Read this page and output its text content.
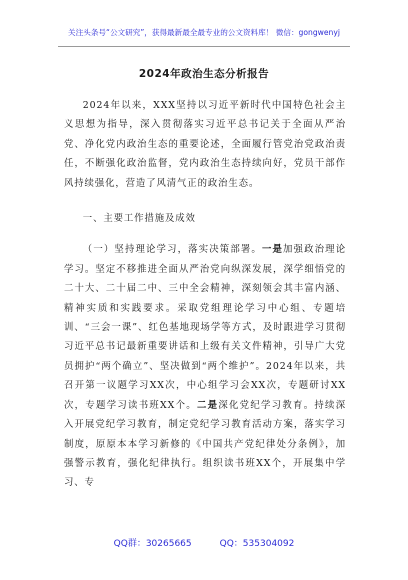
关注头条号“公文研究”，获得最新最全最专业的公文资料库！ 微信：gongwenyj
2024年政治生态分析报告

2024年以来，XXX坚持以习近平新时代中国特色社会主义思想为指导，深入贯彻落实习近平总书记关于全面从严治党、净化党内政治生态的重要论述，全面履行管党治党政治责任，不断强化政治监督，党内政治生态持续向好，党员干部作风持续强化，营造了风清气正的政治生态。

一、主要工作措施及成效

（一）坚持理论学习，落实决策部署。一是加强政治理论学习。坚定不移推进全面从严治党向纵深发展，深学细悟党的二十大、二十届二中、三中全会精神，深刻领会其丰富内涵、精神实质和实践要求。采取党组理论学习中心组、专题培训、“三会一课”、红色基地现场学等方式，及时跟进学习贯彻习近平总书记最新重要讲话和上级有关文件精神，引导广大党员拥护“两个确立”、坚决做到“两个维护”。2024年以来，共召开第一议题学习XX次，中心组学习会XX次，专题研讨XX次，专题学习读书班XX个。二是深化党纪学习教育。持续深入开展党纪学习教育，制定党纪学习教育活动方案，落实学习制度，原原本本学习新修的《中国共产党纪律处分条例》，加强警示教育，强化纪律执行。组织读书班XX个，开展集中学习、专

QQ群：30265665	QQ：535304092
